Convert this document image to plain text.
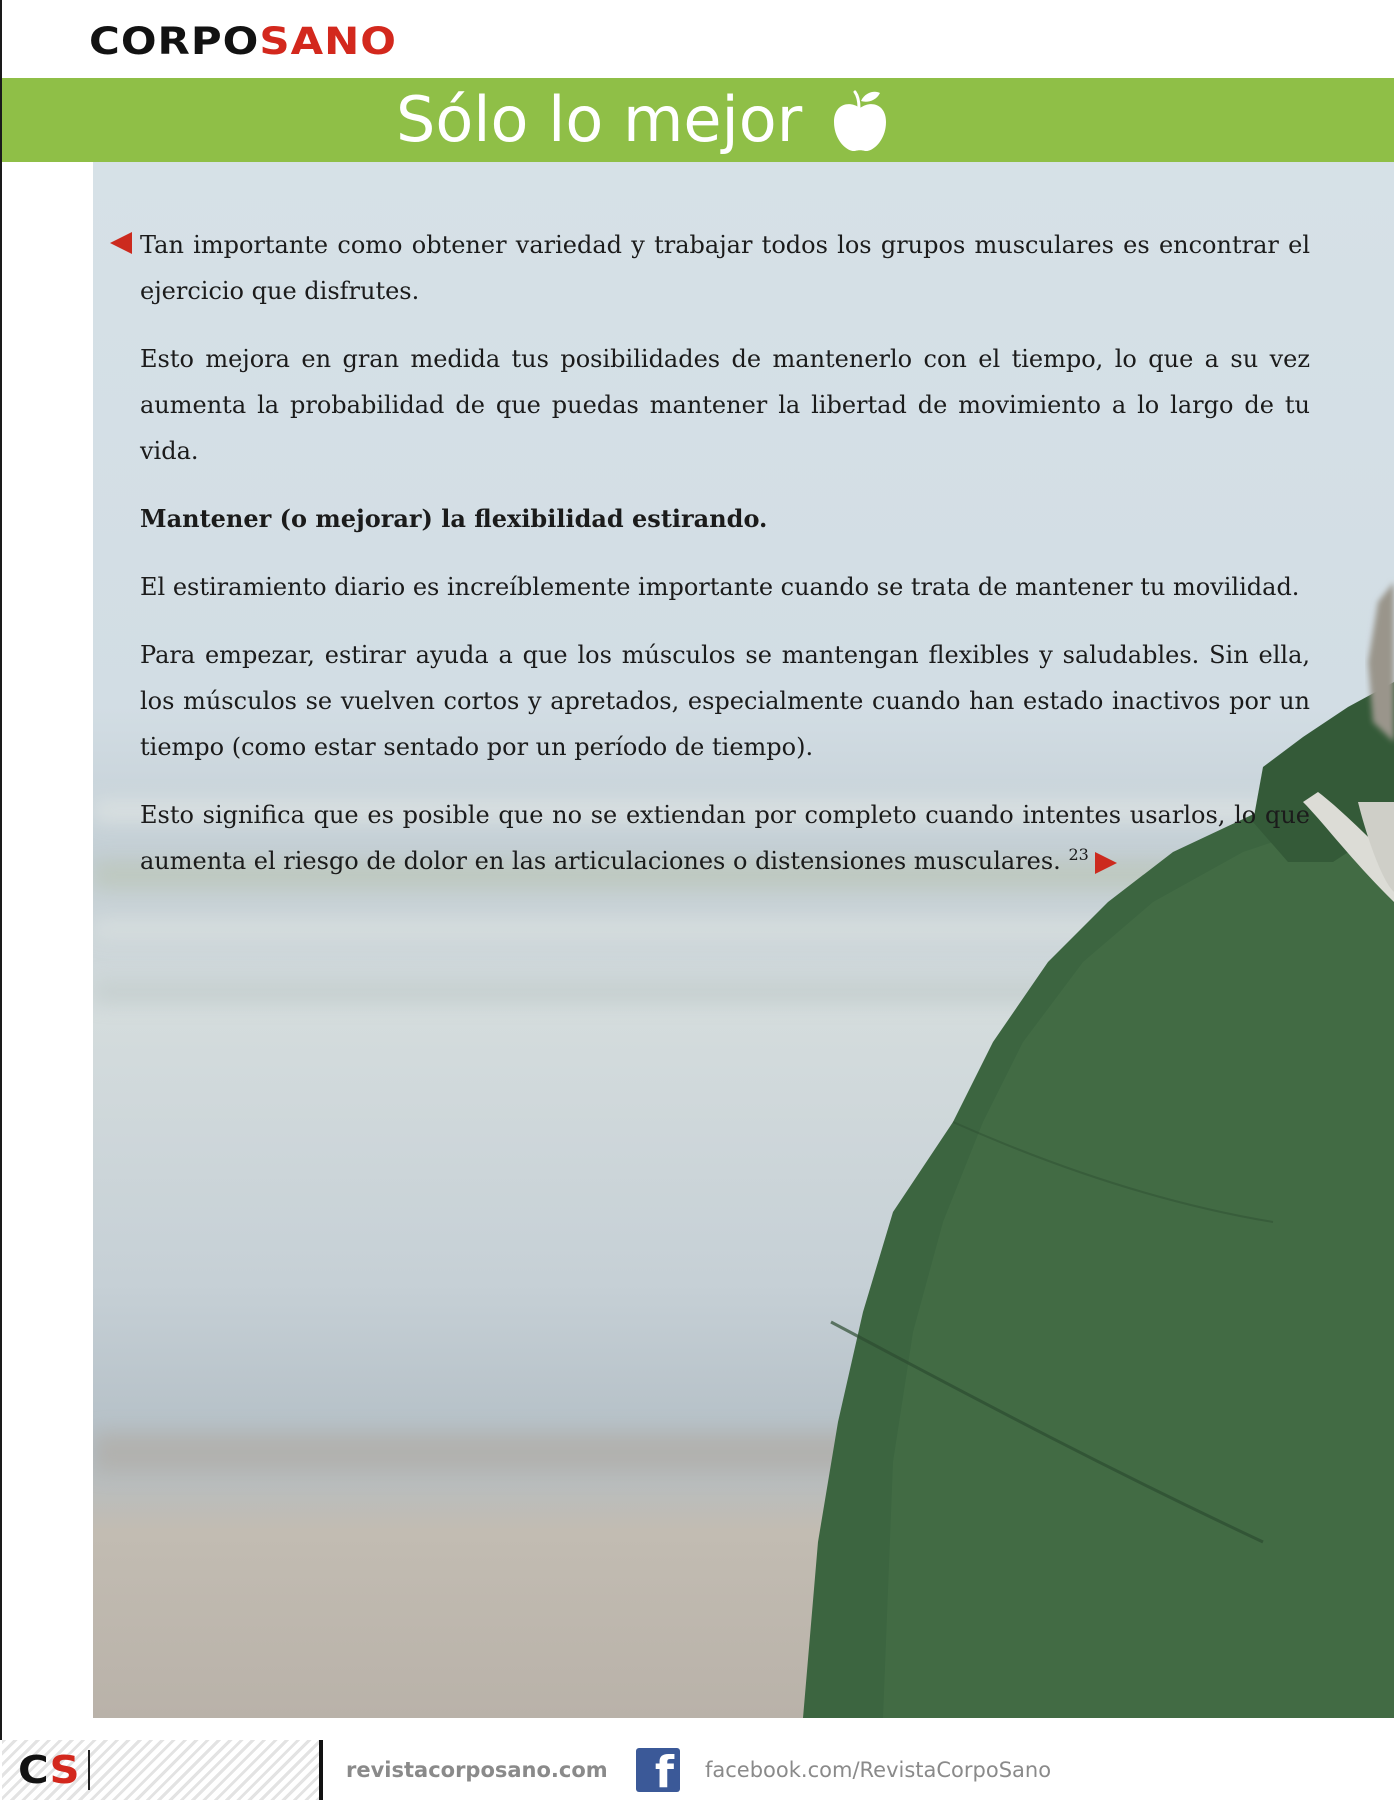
CORPOSANO
Sólo lo mejor

Tan importante como obtener variedad y trabajar todos los grupos musculares es encontrar el ejercicio que disfrutes.

Esto mejora en gran medida tus posibilidades de mantenerlo con el tiempo, lo que a su vez aumenta la probabilidad de que puedas mantener la libertad de movimiento a lo largo de tu vida.

Mantener (o mejorar) la flexibilidad estirando.

El estiramiento diario es increíblemente importante cuando se trata de mantener tu movilidad.

Para empezar, estirar ayuda a que los músculos se mantengan flexibles y saludables. Sin ella, los músculos se vuelven cortos y apretados, especialmente cuando han estado inactivos por un tiempo (como estar sentado por un período de tiempo).

Esto significa que es posible que no se extiendan por completo cuando intentes usarlos, lo que aumenta el riesgo de dolor en las articulaciones o distensiones musculares. $^{23}$

CS	revistacorposano.com f facebook.com/RevistaCorpoSano
